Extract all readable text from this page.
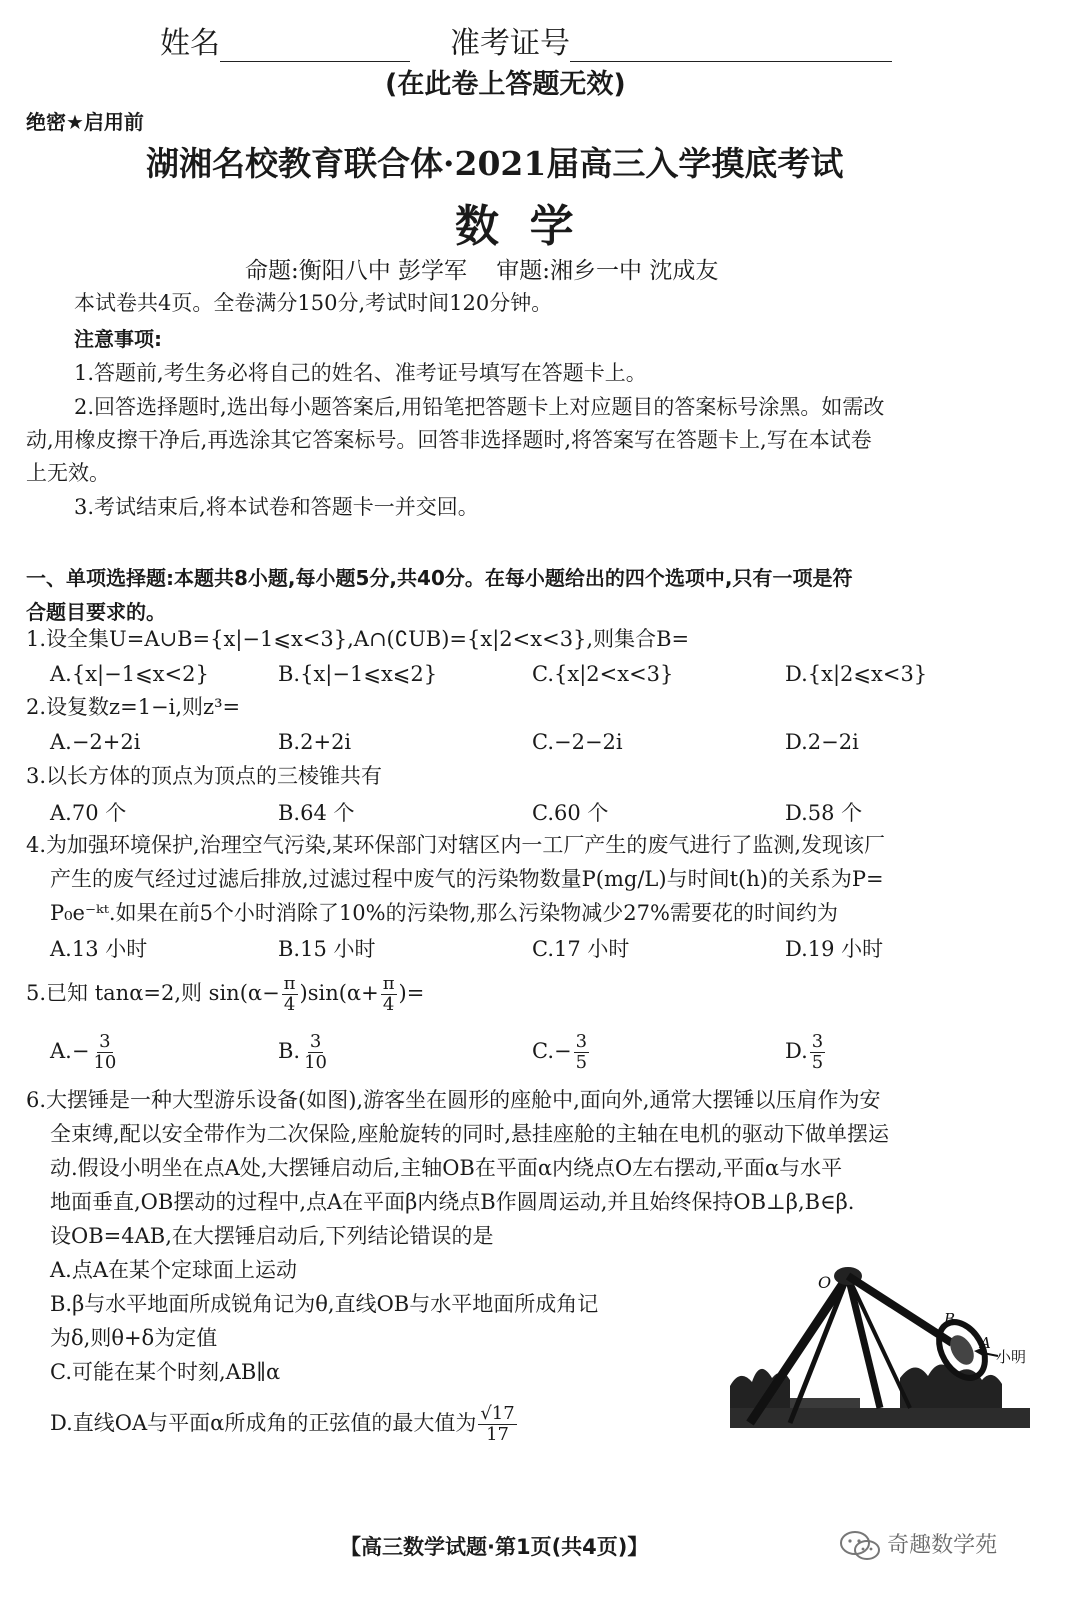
姓名	准考证号
(在此卷上答题无效)
绝密★启用前
湖湘名校教育联合体·2021届高三入学摸底考试
数  学
命题:衡阳八中 彭学军    审题:湘乡一中 沈成友
本试卷共4页。全卷满分150分,考试时间120分钟。
注意事项:
1.答题前,考生务必将自己的姓名、准考证号填写在答题卡上。
2.回答选择题时,选出每小题答案后,用铅笔把答题卡上对应题目的答案标号涂黑。如需改
动,用橡皮擦干净后,再选涂其它答案标号。回答非选择题时,将答案写在答题卡上,写在本试卷
上无效。
3.考试结束后,将本试卷和答题卡一并交回。
一、单项选择题:本题共8小题,每小题5分,共40分。在每小题给出的四个选项中,只有一项是符
合题目要求的。
1.设全集U=A∪B={x|−1⩽x<3},A∩(∁UB)={x|2<x<3},则集合B=
A.{x|−1⩽x<2}	B.{x|−1⩽x⩽2}	C.{x|2<x<3}	D.{x|2⩽x<3}
2.设复数z=1−i,则z³=
A.−2+2i	B.2+2i	C.−2−2i	D.2−2i
3.以长方体的顶点为顶点的三棱锥共有
A.70 个	B.64 个	C.60 个	D.58 个
4.为加强环境保护,治理空气污染,某环保部门对辖区内一工厂产生的废气进行了监测,发现该厂
产生的废气经过过滤后排放,过滤过程中废气的污染物数量P(mg/L)与时间t(h)的关系为P=
P₀e⁻ᵏᵗ.如果在前5个小时消除了10%的污染物,那么污染物减少27%需要花的时间约为
A.13 小时	B.15 小时	C.17 小时	D.19 小时
5.已知 tanα=2,则 $\sin(\alpha- \frac{\pi}{4} )\sin(\alpha+ \frac{\pi}{4}$ )=
$A.- \frac{3}{10}$	B. $\frac{3}{10}$	$C.- \frac{3}{5}$	D. $\frac{3}{5}$
6.大摆锤是一种大型游乐设备(如图),游客坐在圆形的座舱中,面向外,通常大摆锤以压肩作为安
全束缚,配以安全带作为二次保险,座舱旋转的同时,悬挂座舱的主轴在电机的驱动下做单摆运
动.假设小明坐在点A处,大摆锤启动后,主轴OB在平面α内绕点O左右摆动,平面α与水平
地面垂直,OB摆动的过程中,点A在平面β内绕点B作圆周运动,并且始终保持OB⊥β,B∈β.
设OB=4AB,在大摆锤启动后,下列结论错误的是
A.点A在某个定球面上运动
B.β与水平地面所成锐角记为θ,直线OB与水平地面所成角记
为δ,则θ+δ为定值
C.可能在某个时刻,AB∥α
D.直线OA与平面α所成角的正弦值的最大值为 $\frac{√17}{17}$
O
B
A
小明
【高三数学试题·第1页(共4页)】	奇趣数学苑
